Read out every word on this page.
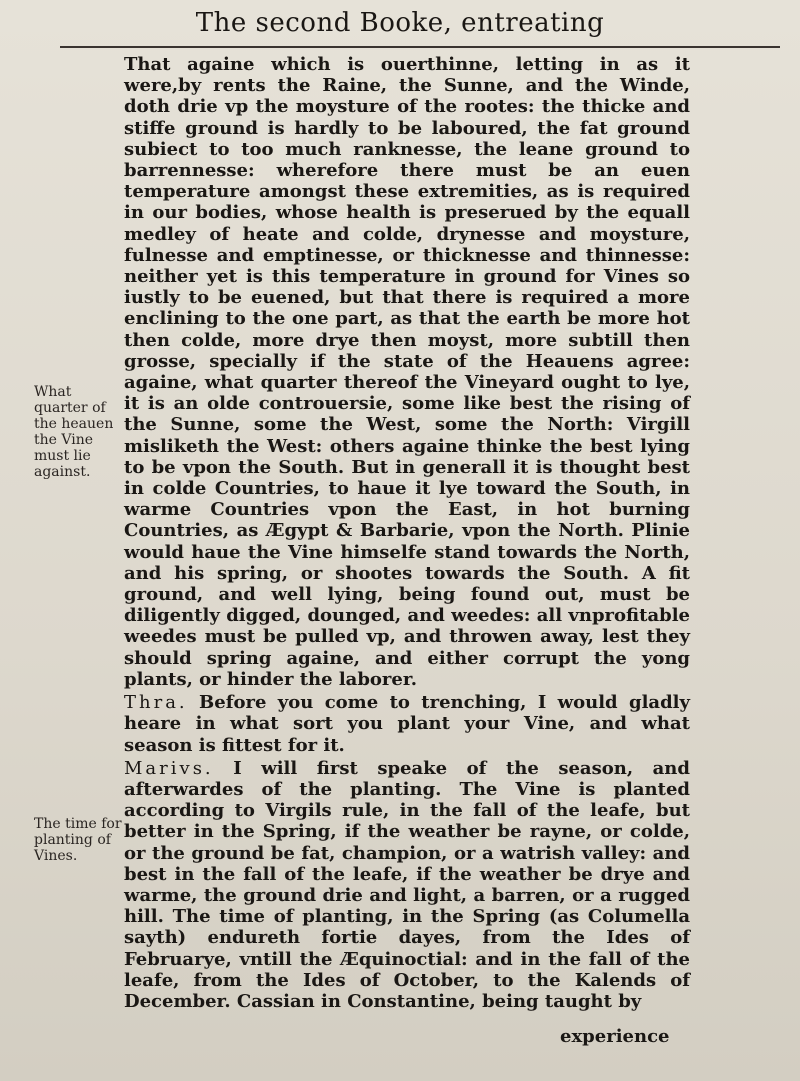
The second Booke, entreating
What quarter of the heauen the Vine must lie against.
The time for planting of Vines.

That againe which is ouerthinne, letting in as it were,by rents the Raine, the Sunne, and the Winde, doth drie vp the moysture of the rootes: the thicke and stiffe ground is hardly to be laboured, the fat ground subiect to too much ranknesse, the leane ground to barrennesse: wherefore there must be an euen temperature amongst these extremities, as is required in our bodies, whose health is preserued by the equall medley of heate and colde, drynesse and moysture, fulnesse and emptinesse, or thicknesse and thinnesse: neither yet is this temperature in ground for Vines so iustly to be euened, but that there is required a more enclining to the one part, as that the earth be more hot then colde, more drye then moyst, more subtill then grosse, specially if the state of the Heauens agree: againe, what quarter thereof the Vineyard ought to lye, it is an olde controuersie, some like best the rising of the Sunne, some the West, some the North: Virgill misliketh the West: others againe thinke the best lying to be vpon the South. But in generall it is thought best in colde Countries, to haue it lye toward the South, in warme Countries vpon the East, in hot burning Countries, as Ægypt & Barbarie, vpon the North. Plinie would haue the Vine himselfe stand towards the North, and his spring, or shootes towards the South. A fit ground, and well lying, being found out, must be diligently digged, dounged, and weedes: all vnprofitable weedes must be pulled vp, and throwen away, lest they should spring againe, and either corrupt the yong plants, or hinder the laborer.

Thra. Before you come to trenching, I would gladly heare in what sort you plant your Vine, and what season is fittest for it.

Marivs. I will first speake of the season, and afterwardes of the planting. The Vine is planted according to Virgils rule, in the fall of the leafe, but better in the Spring, if the weather be rayne, or colde, or the ground be fat, champion, or a watrish valley: and best in the fall of the leafe, if the weather be drye and warme, the ground drie and light, a barren, or a rugged hill. The time of planting, in the Spring (as Columella sayth) endureth fortie dayes, from the Ides of Februarye, vntill the Æquinoctial: and in the fall of the leafe, from the Ides of October, to the Kalends of December. Cassian in Constantine, being taught by

experience
